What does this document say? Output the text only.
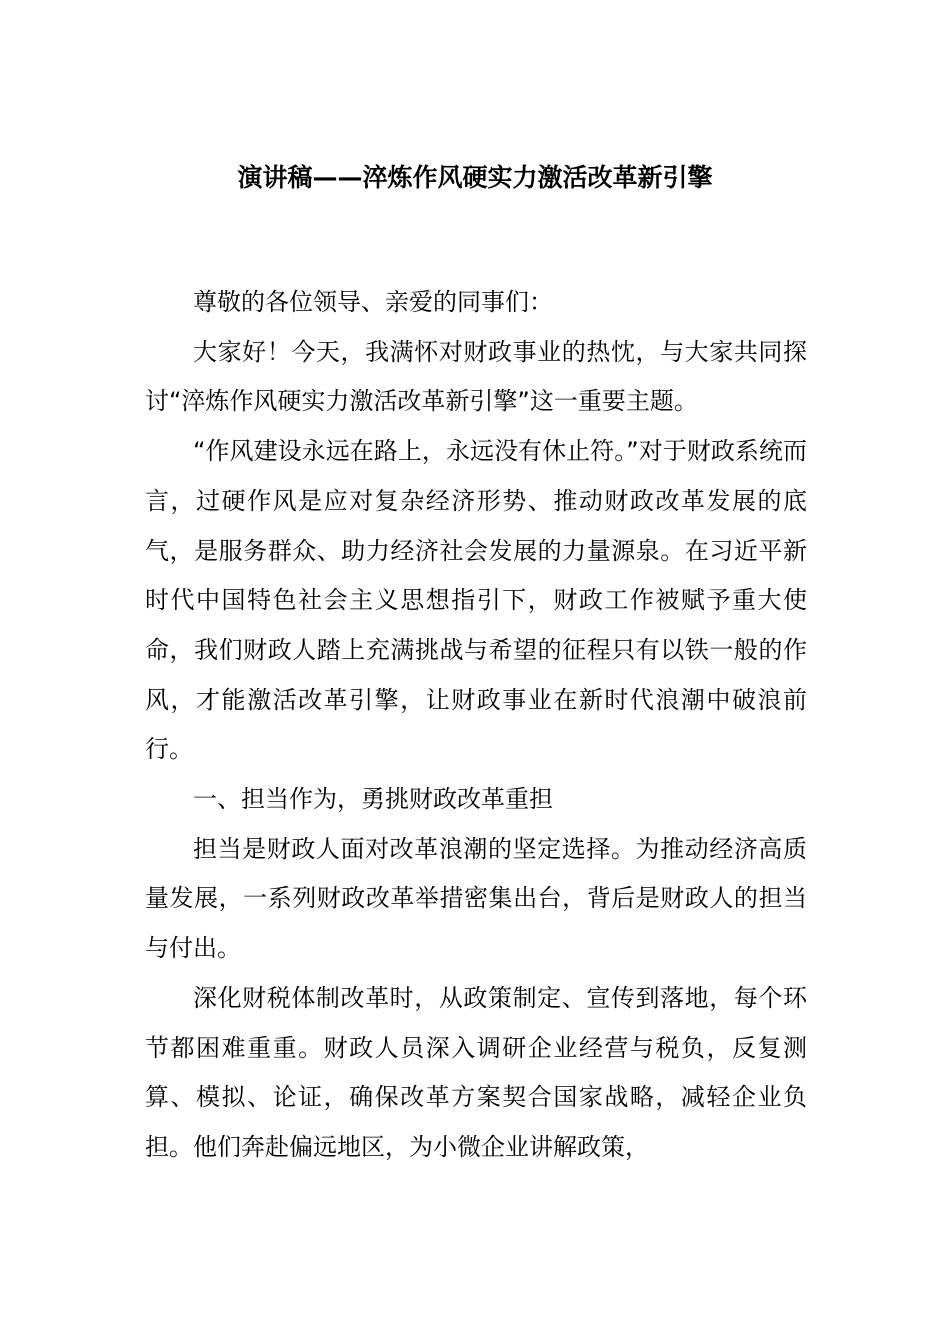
演讲稿——淬炼作风硬实力激活改革新引擎

尊敬的各位领导、亲爱的同事们：

大家好！今天，我满怀对财政事业的热忱，与大家共同探讨“淬炼作风硬实力激活改革新引擎”这一重要主题。

“作风建设永远在路上，永远没有休止符。”对于财政系统而言，过硬作风是应对复杂经济形势、推动财政改革发展的底气，是服务群众、助力经济社会发展的力量源泉。在习近平新时代中国特色社会主义思想指引下，财政工作被赋予重大使命，我们财政人踏上充满挑战与希望的征程只有以铁一般的作风，才能激活改革引擎，让财政事业在新时代浪潮中破浪前行。

一、担当作为，勇挑财政改革重担

担当是财政人面对改革浪潮的坚定选择。为推动经济高质量发展，一系列财政改革举措密集出台，背后是财政人的担当与付出。

深化财税体制改革时，从政策制定、宣传到落地，每个环节都困难重重。财政人员深入调研企业经营与税负，反复测算、模拟、论证，确保改革方案契合国家战略，减轻企业负担。他们奔赴偏远地区，为小微企业讲解政策，
